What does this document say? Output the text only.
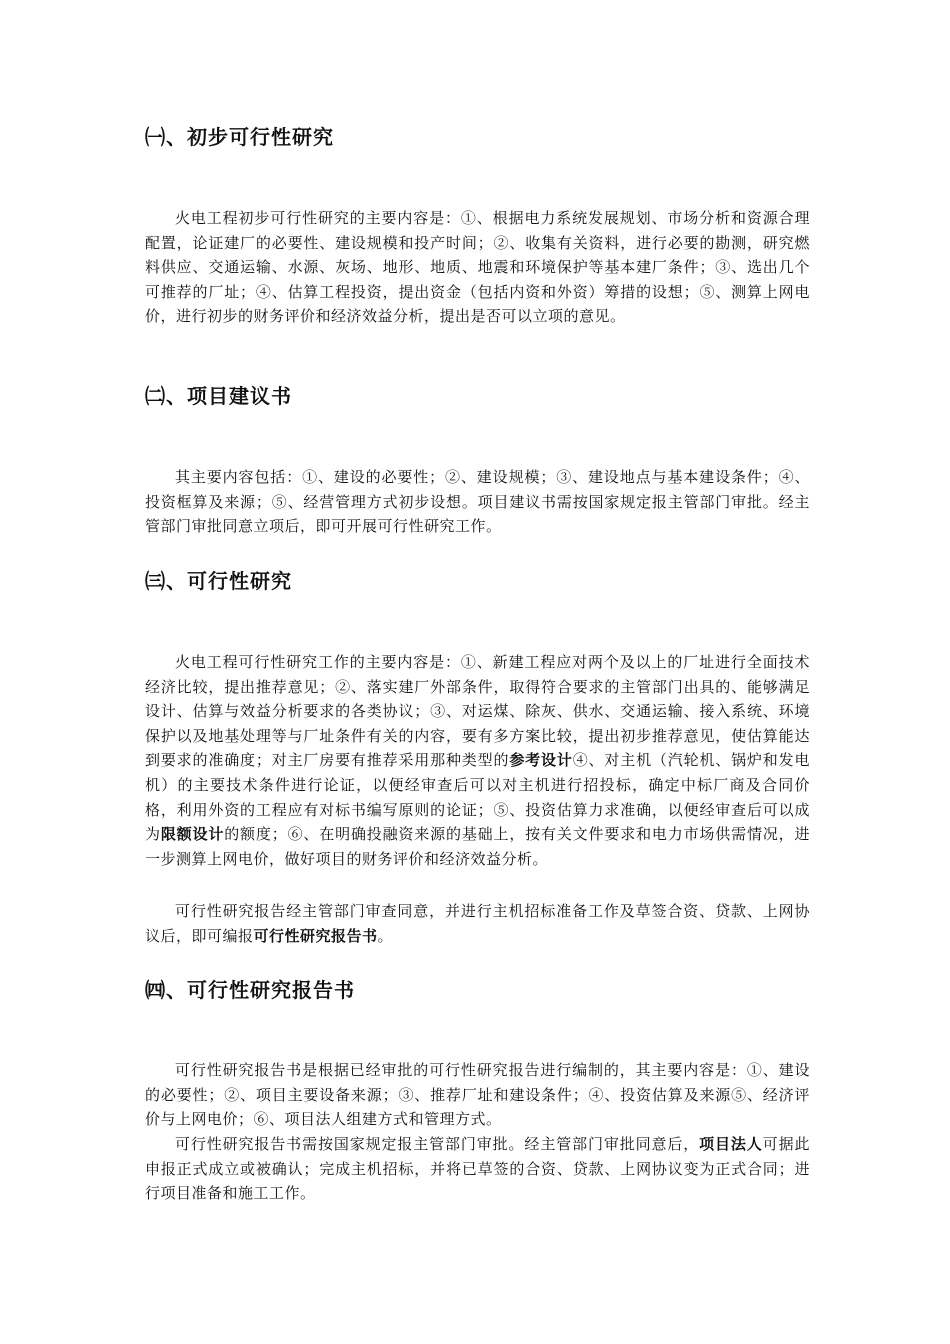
㈠、初步可行性研究
火电工程初步可行性研究的主要内容是：①、根据电力系统发展规划、市场分析和资源合理配置，论证建厂的必要性、建设规模和投产时间；②、收集有关资料，进行必要的勘测，研究燃料供应、交通运输、水源、灰场、地形、地质、地震和环境保护等基本建厂条件；③、选出几个可推荐的厂址；④、估算工程投资，提出资金（包括内资和外资）筹措的设想；⑤、测算上网电价，进行初步的财务评价和经济效益分析，提出是否可以立项的意见。
㈡、项目建议书
其主要内容包括：①、建设的必要性；②、建设规模；③、建设地点与基本建设条件；④、投资框算及来源；⑤、经营管理方式初步设想。项目建议书需按国家规定报主管部门审批。经主管部门审批同意立项后，即可开展可行性研究工作。
㈢、可行性研究
火电工程可行性研究工作的主要内容是：①、新建工程应对两个及以上的厂址进行全面技术经济比较，提出推荐意见；②、落实建厂外部条件，取得符合要求的主管部门出具的、能够满足设计、估算与效益分析要求的各类协议；③、对运煤、除灰、供水、交通运输、接入系统、环境保护以及地基处理等与厂址条件有关的内容，要有多方案比较，提出初步推荐意见，使估算能达到要求的准确度；对主厂房要有推荐采用那种类型的参考设计④、对主机（汽轮机、锅炉和发电机）的主要技术条件进行论证，以便经审查后可以对主机进行招投标，确定中标厂商及合同价格，利用外资的工程应有对标书编写原则的论证；⑤、投资估算力求准确，以便经审查后可以成为限额设计的额度；⑥、在明确投融资来源的基础上，按有关文件要求和电力市场供需情况，进一步测算上网电价，做好项目的财务评价和经济效益分析。
可行性研究报告经主管部门审查同意，并进行主机招标准备工作及草签合资、贷款、上网协议后，即可编报可行性研究报告书。
㈣、可行性研究报告书
可行性研究报告书是根据已经审批的可行性研究报告进行编制的，其主要内容是：①、建设的必要性；②、项目主要设备来源；③、推荐厂址和建设条件；④、投资估算及来源⑤、经济评价与上网电价；⑥、项目法人组建方式和管理方式。
可行性研究报告书需按国家规定报主管部门审批。经主管部门审批同意后，项目法人可据此申报正式成立或被确认；完成主机招标，并将已草签的合资、贷款、上网协议变为正式合同；进行项目准备和施工工作。
